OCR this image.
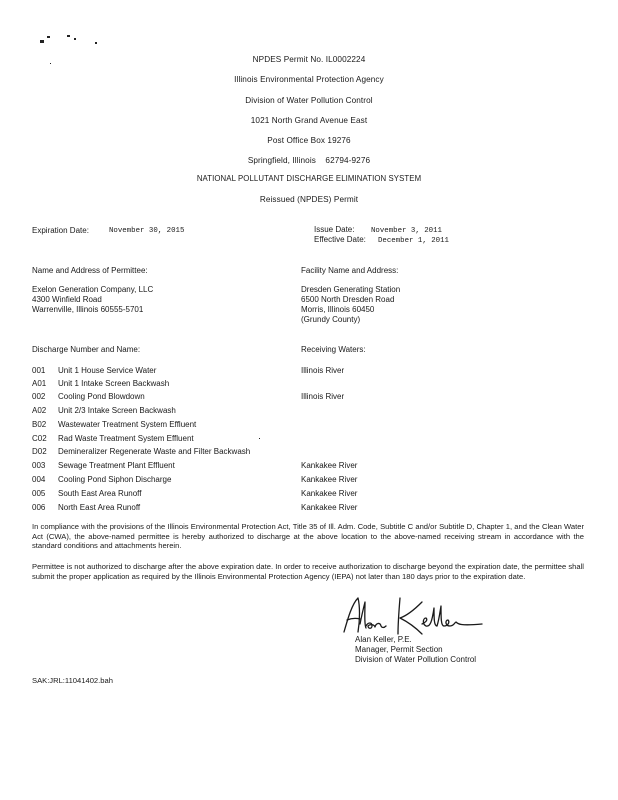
NPDES Permit No. IL0002224
Illinois Environmental Protection Agency
Division of Water Pollution Control
1021 North Grand Avenue East
Post Office Box 19276
Springfield, Illinois    62794-9276
NATIONAL POLLUTANT DISCHARGE ELIMINATION SYSTEM
Reissued (NPDES) Permit
Expiration Date:	November 30, 2015	Issue Date: November 3, 2011
Effective Date: December 1, 2011
Name and Address of Permittee:
Exelon Generation Company, LLC
4300 Winfield Road
Warrenville, Illinois 60555-5701
Facility Name and Address:
Dresden Generating Station
6500 North Dresden Road
Morris, Illinois 60450
(Grundy County)
Discharge Number and Name:	Receiving Waters:
001 Unit 1 House Service Water	Illinois River
A01 Unit 1 Intake Screen Backwash
002 Cooling Pond Blowdown	Illinois River
A02 Unit 2/3 Intake Screen Backwash
B02 Wastewater Treatment System Effluent
C02 Rad Waste Treatment System Effluent
D02 Demineralizer Regenerate Waste and Filter Backwash
003 Sewage Treatment Plant Effluent	Kankakee River
004 Cooling Pond Siphon Discharge	Kankakee River
005 South East Area Runoff	Kankakee River
006 North East Area Runoff	Kankakee River
In compliance with the provisions of the Illinois Environmental Protection Act, Title 35 of Ill. Adm. Code, Subtitle C and/or Subtitle D, Chapter 1, and the Clean Water Act (CWA), the above-named permittee is hereby authorized to discharge at the above location to the above-named receiving stream in accordance with the standard conditions and attachments herein.
Permittee is not authorized to discharge after the above expiration date. In order to receive authorization to discharge beyond the expiration date, the permittee shall submit the proper application as required by the Illinois Environmental Protection Agency (IEPA) not later than 180 days prior to the expiration date.
Alan Keller, P.E.
Manager, Permit Section
Division of Water Pollution Control
SAK:JRL:11041402.bah
